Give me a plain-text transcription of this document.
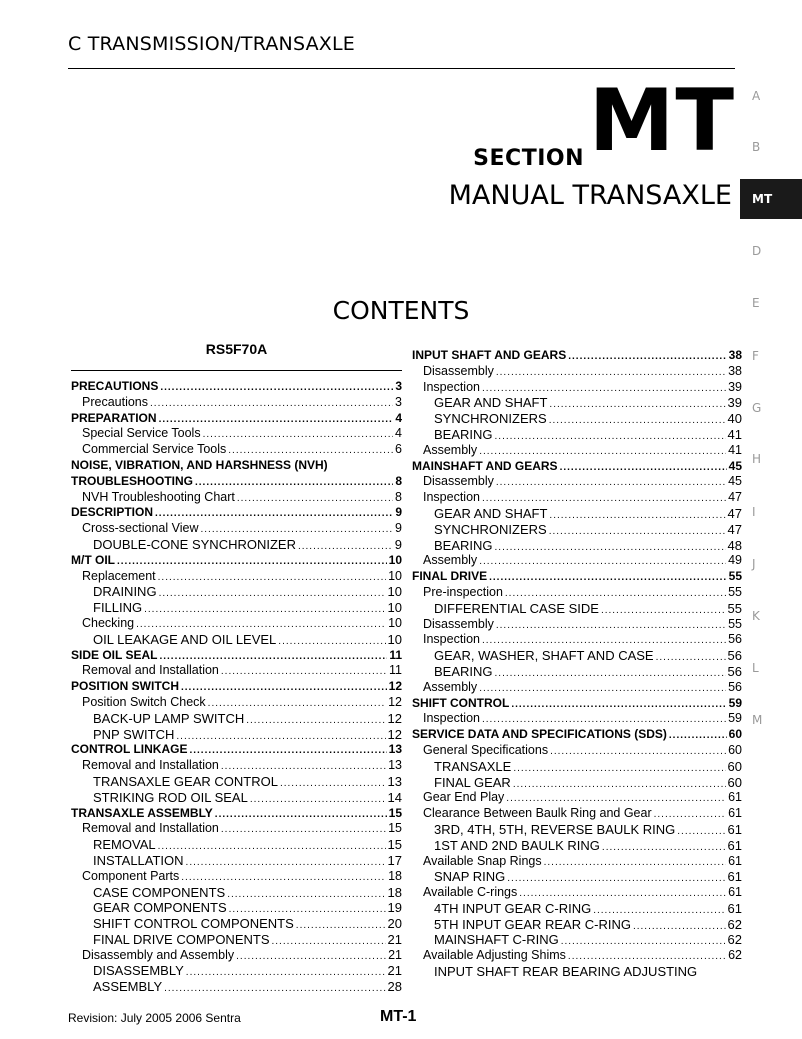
C TRANSMISSION/TRANSAXLE
SECTION MT
MANUAL TRANSAXLE
CONTENTS
A
B
MT
D
E
F
G
H
I
J
K
L
M
RS5F70A
PRECAUTIONS .....	3
Precautions .....	3
PREPARATION .....	4
Special Service Tools .....	4
Commercial Service Tools .....	6
NOISE, VIBRATION, AND HARSHNESS (NVH)
TROUBLESHOOTING .....	8
NVH Troubleshooting Chart .....	8
DESCRIPTION .....	9
Cross-sectional View .....	9
DOUBLE-CONE SYNCHRONIZER .....	9
M/T OIL .....	10
Replacement .....	10
DRAINING .....	10
FILLING .....	10
Checking .....	10
OIL LEAKAGE AND OIL LEVEL .....	10
SIDE OIL SEAL .....	11
Removal and Installation .....	11
POSITION SWITCH .....	12
Position Switch Check .....	12
BACK-UP LAMP SWITCH .....	12
PNP SWITCH .....	12
CONTROL LINKAGE .....	13
Removal and Installation .....	13
TRANSAXLE GEAR CONTROL .....	13
STRIKING ROD OIL SEAL .....	14
TRANSAXLE ASSEMBLY .....	15
Removal and Installation .....	15
REMOVAL .....	15
INSTALLATION .....	17
Component Parts .....	18
CASE COMPONENTS .....	18
GEAR COMPONENTS .....	19
SHIFT CONTROL COMPONENTS .....	20
FINAL DRIVE COMPONENTS .....	21
Disassembly and Assembly .....	21
DISASSEMBLY .....	21
ASSEMBLY .....	28
INPUT SHAFT AND GEARS .....	38
Disassembly .....	38
Inspection .....	39
GEAR AND SHAFT .....	39
SYNCHRONIZERS .....	40
BEARING .....	41
Assembly .....	41
MAINSHAFT AND GEARS .....	45
Disassembly .....	45
Inspection .....	47
GEAR AND SHAFT .....	47
SYNCHRONIZERS .....	47
BEARING .....	48
Assembly .....	49
FINAL DRIVE .....	55
Pre-inspection .....	55
DIFFERENTIAL CASE SIDE .....	55
Disassembly .....	55
Inspection .....	56
GEAR, WASHER, SHAFT AND CASE .....	56
BEARING .....	56
Assembly .....	56
SHIFT CONTROL .....	59
Inspection .....	59
SERVICE DATA AND SPECIFICATIONS (SDS) .....	60
General Specifications .....	60
TRANSAXLE .....	60
FINAL GEAR .....	60
Gear End Play .....	61
Clearance Between Baulk Ring and Gear .....	61
3RD, 4TH, 5TH, REVERSE BAULK RING .....	61
1ST AND 2ND BAULK RING .....	61
Available Snap Rings .....	61
SNAP RING .....	61
Available C-rings .....	61
4TH INPUT GEAR C-RING .....	61
5TH INPUT GEAR REAR C-RING .....	62
MAINSHAFT C-RING .....	62
Available Adjusting Shims .....	62
INPUT SHAFT REAR BEARING ADJUSTING
Revision: July 2005 2006 Sentra	MT-1
